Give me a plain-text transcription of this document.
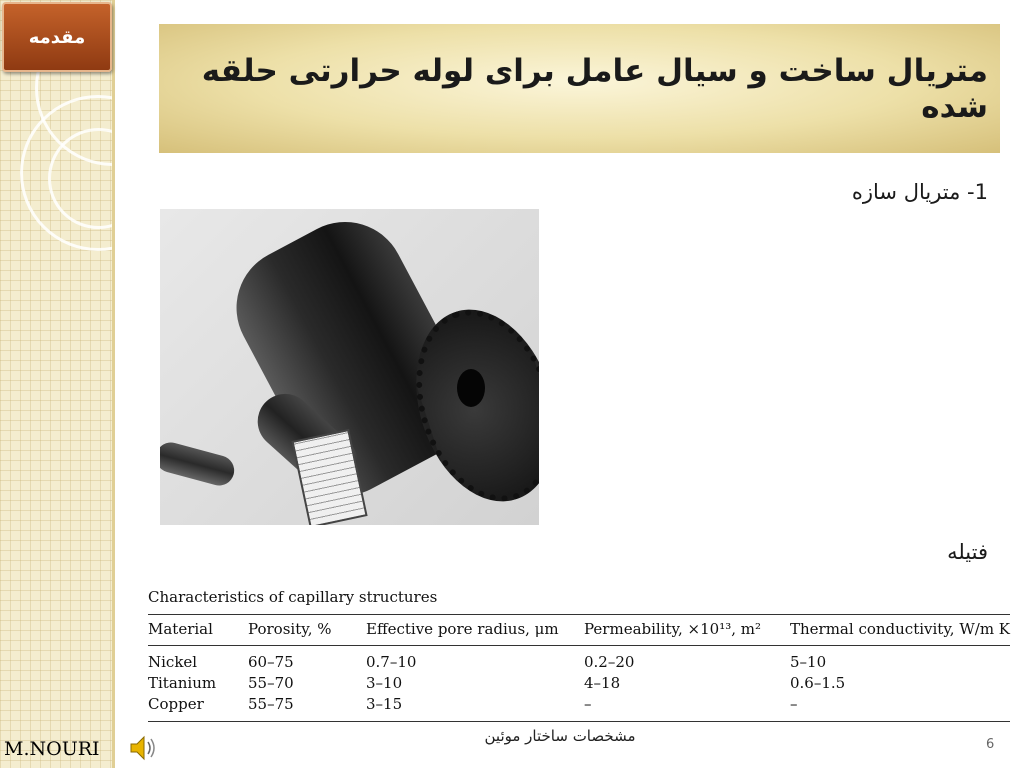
مقدمه
متریال ساخت و سیال عامل برای لوله حرارتی حلقه شده
1- متریال سازه
فتیله
Characteristics of capillary structures
Material	Porosity, %	Effective pore radius, μm	Permeability, ×10¹³, m²	Thermal conductivity, W/m K
Nickel	60–75	0.7–10	0.2–20	5–10
Titanium	55–70	3–10	4–18	0.6–1.5
Copper	55–75	3–15	–	–
M.NOURI
مشخصات ساختار موئین	6
